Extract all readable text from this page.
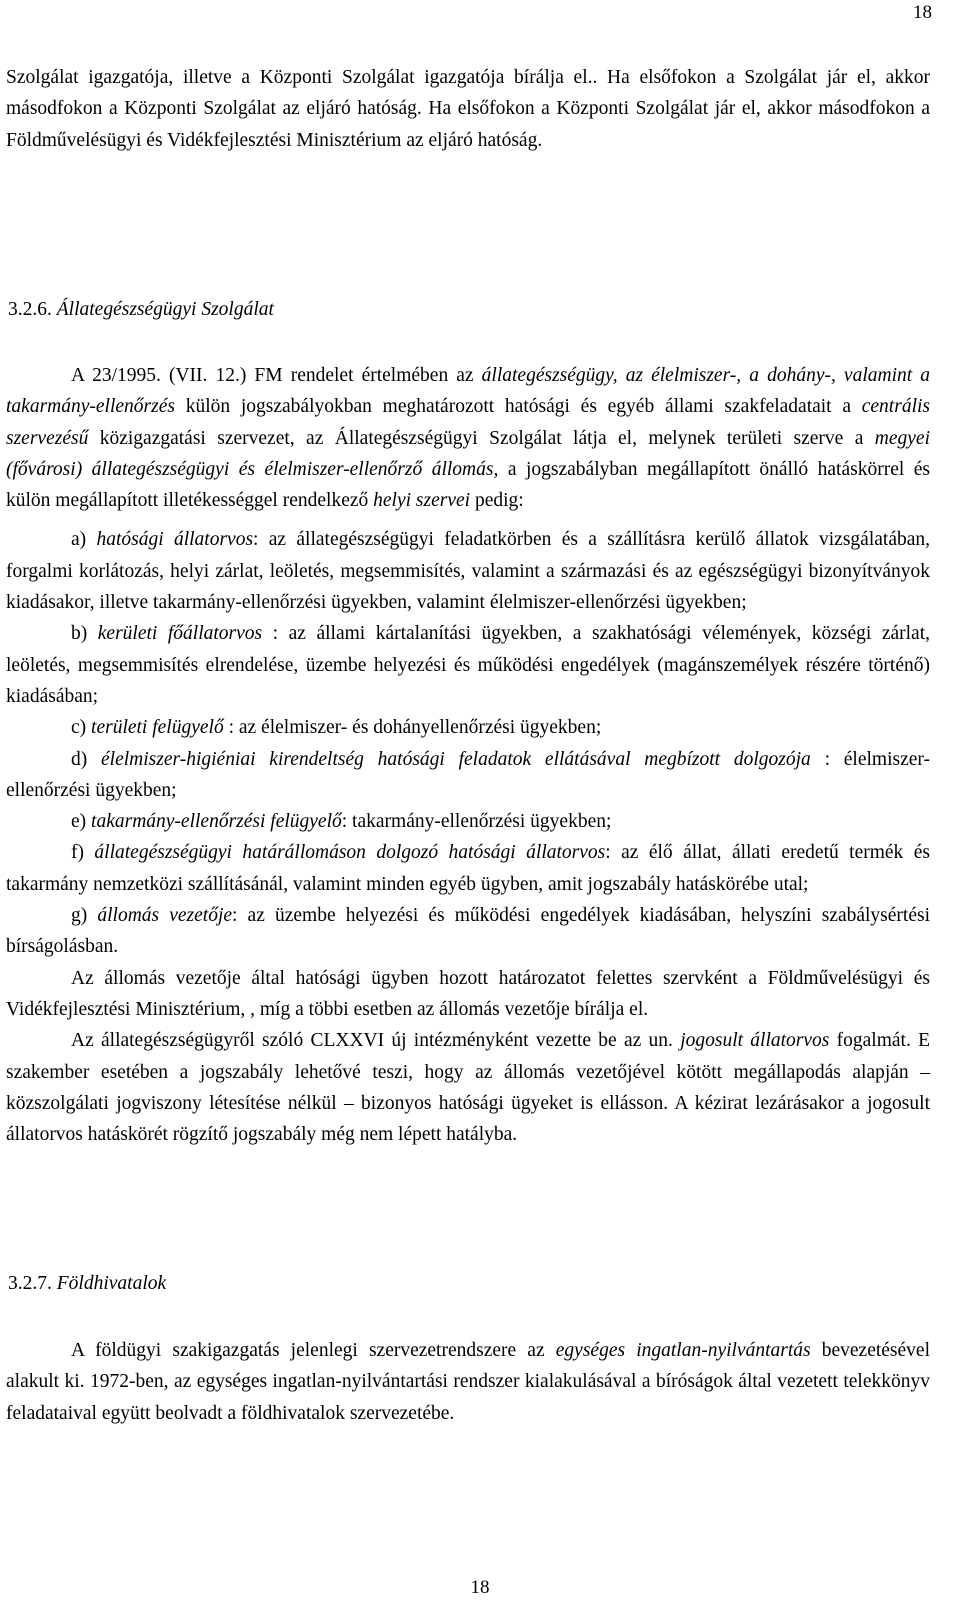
18

Szolgálat igazgatója, illetve a Központi Szolgálat igazgatója bírálja el.. Ha elsőfokon a Szolgálat jár el, akkor másodfokon a Központi Szolgálat az eljáró hatóság. Ha elsőfokon a Központi Szolgálat jár el, akkor másodfokon a Földművelésügyi és Vidékfejlesztési Minisztérium az eljáró hatóság.

3.2.6. Állategészségügyi Szolgálat

A 23/1995. (VII. 12.) FM rendelet értelmében az állategészségügy, az élelmiszer-, a dohány-, valamint a takarmány-ellenőrzés külön jogszabályokban meghatározott hatósági és egyéb állami szakfeladatait a centrális szervezésű közigazgatási szervezet, az Állategészségügyi Szolgálat látja el, melynek területi szerve a megyei (fővárosi) állategészségügyi és élelmiszer-ellenőrző állomás, a jogszabályban megállapított önálló hatáskörrel és külön megállapított illetékességgel rendelkező helyi szervei pedig:

a) hatósági állatorvos: az állategészségügyi feladatkörben és a szállításra kerülő állatok vizsgálatában, forgalmi korlátozás, helyi zárlat, leöletés, megsemmisítés, valamint a származási és az egészségügyi bizonyítványok kiadásakor, illetve takarmány-ellenőrzési ügyekben, valamint élelmiszer-ellenőrzési ügyekben;

b) kerületi főállatorvos : az állami kártalanítási ügyekben, a szakhatósági vélemények, községi zárlat, leöletés, megsemmisítés elrendelése, üzembe helyezési és működési engedélyek (magánszemélyek részére történő) kiadásában;

c) területi felügyelő : az élelmiszer- és dohányellenőrzési ügyekben;

d) élelmiszer-higiéniai kirendeltség hatósági feladatok ellátásával megbízott dolgozója : élelmiszer-ellenőrzési ügyekben;

e) takarmány-ellenőrzési felügyelő: takarmány-ellenőrzési ügyekben;

f) állategészségügyi határállomáson dolgozó hatósági állatorvos: az élő állat, állati eredetű termék és takarmány nemzetközi szállításánál, valamint minden egyéb ügyben, amit jogszabály hatáskörébe utal;

g) állomás vezetője: az üzembe helyezési és működési engedélyek kiadásában, helyszíni szabálysértési bírságolásban.

Az állomás vezetője által hatósági ügyben hozott határozatot felettes szervként a Földművelésügyi és Vidékfejlesztési Minisztérium, , míg a többi esetben az állomás vezetője bírálja el.

Az állategészségügyről szóló CLXXVI új intézményként vezette be az un. jogosult állatorvos fogalmát. E szakember esetében a jogszabály lehetővé teszi, hogy az állomás vezetőjével kötött megállapodás alapján – közszolgálati jogviszony létesítése nélkül – bizonyos hatósági ügyeket is ellásson. A kézirat lezárásakor a jogosult állatorvos hatáskörét rögzítő jogszabály még nem lépett hatályba.

3.2.7. Földhivatalok

A földügyi szakigazgatás jelenlegi szervezetrendszere az egységes ingatlan-nyilvántartás bevezetésével alakult ki. 1972-ben, az egységes ingatlan-nyilvántartási rendszer kialakulásával a bíróságok által vezetett telekkönyv feladataival együtt beolvadt a földhivatalok szervezetébe.

18
